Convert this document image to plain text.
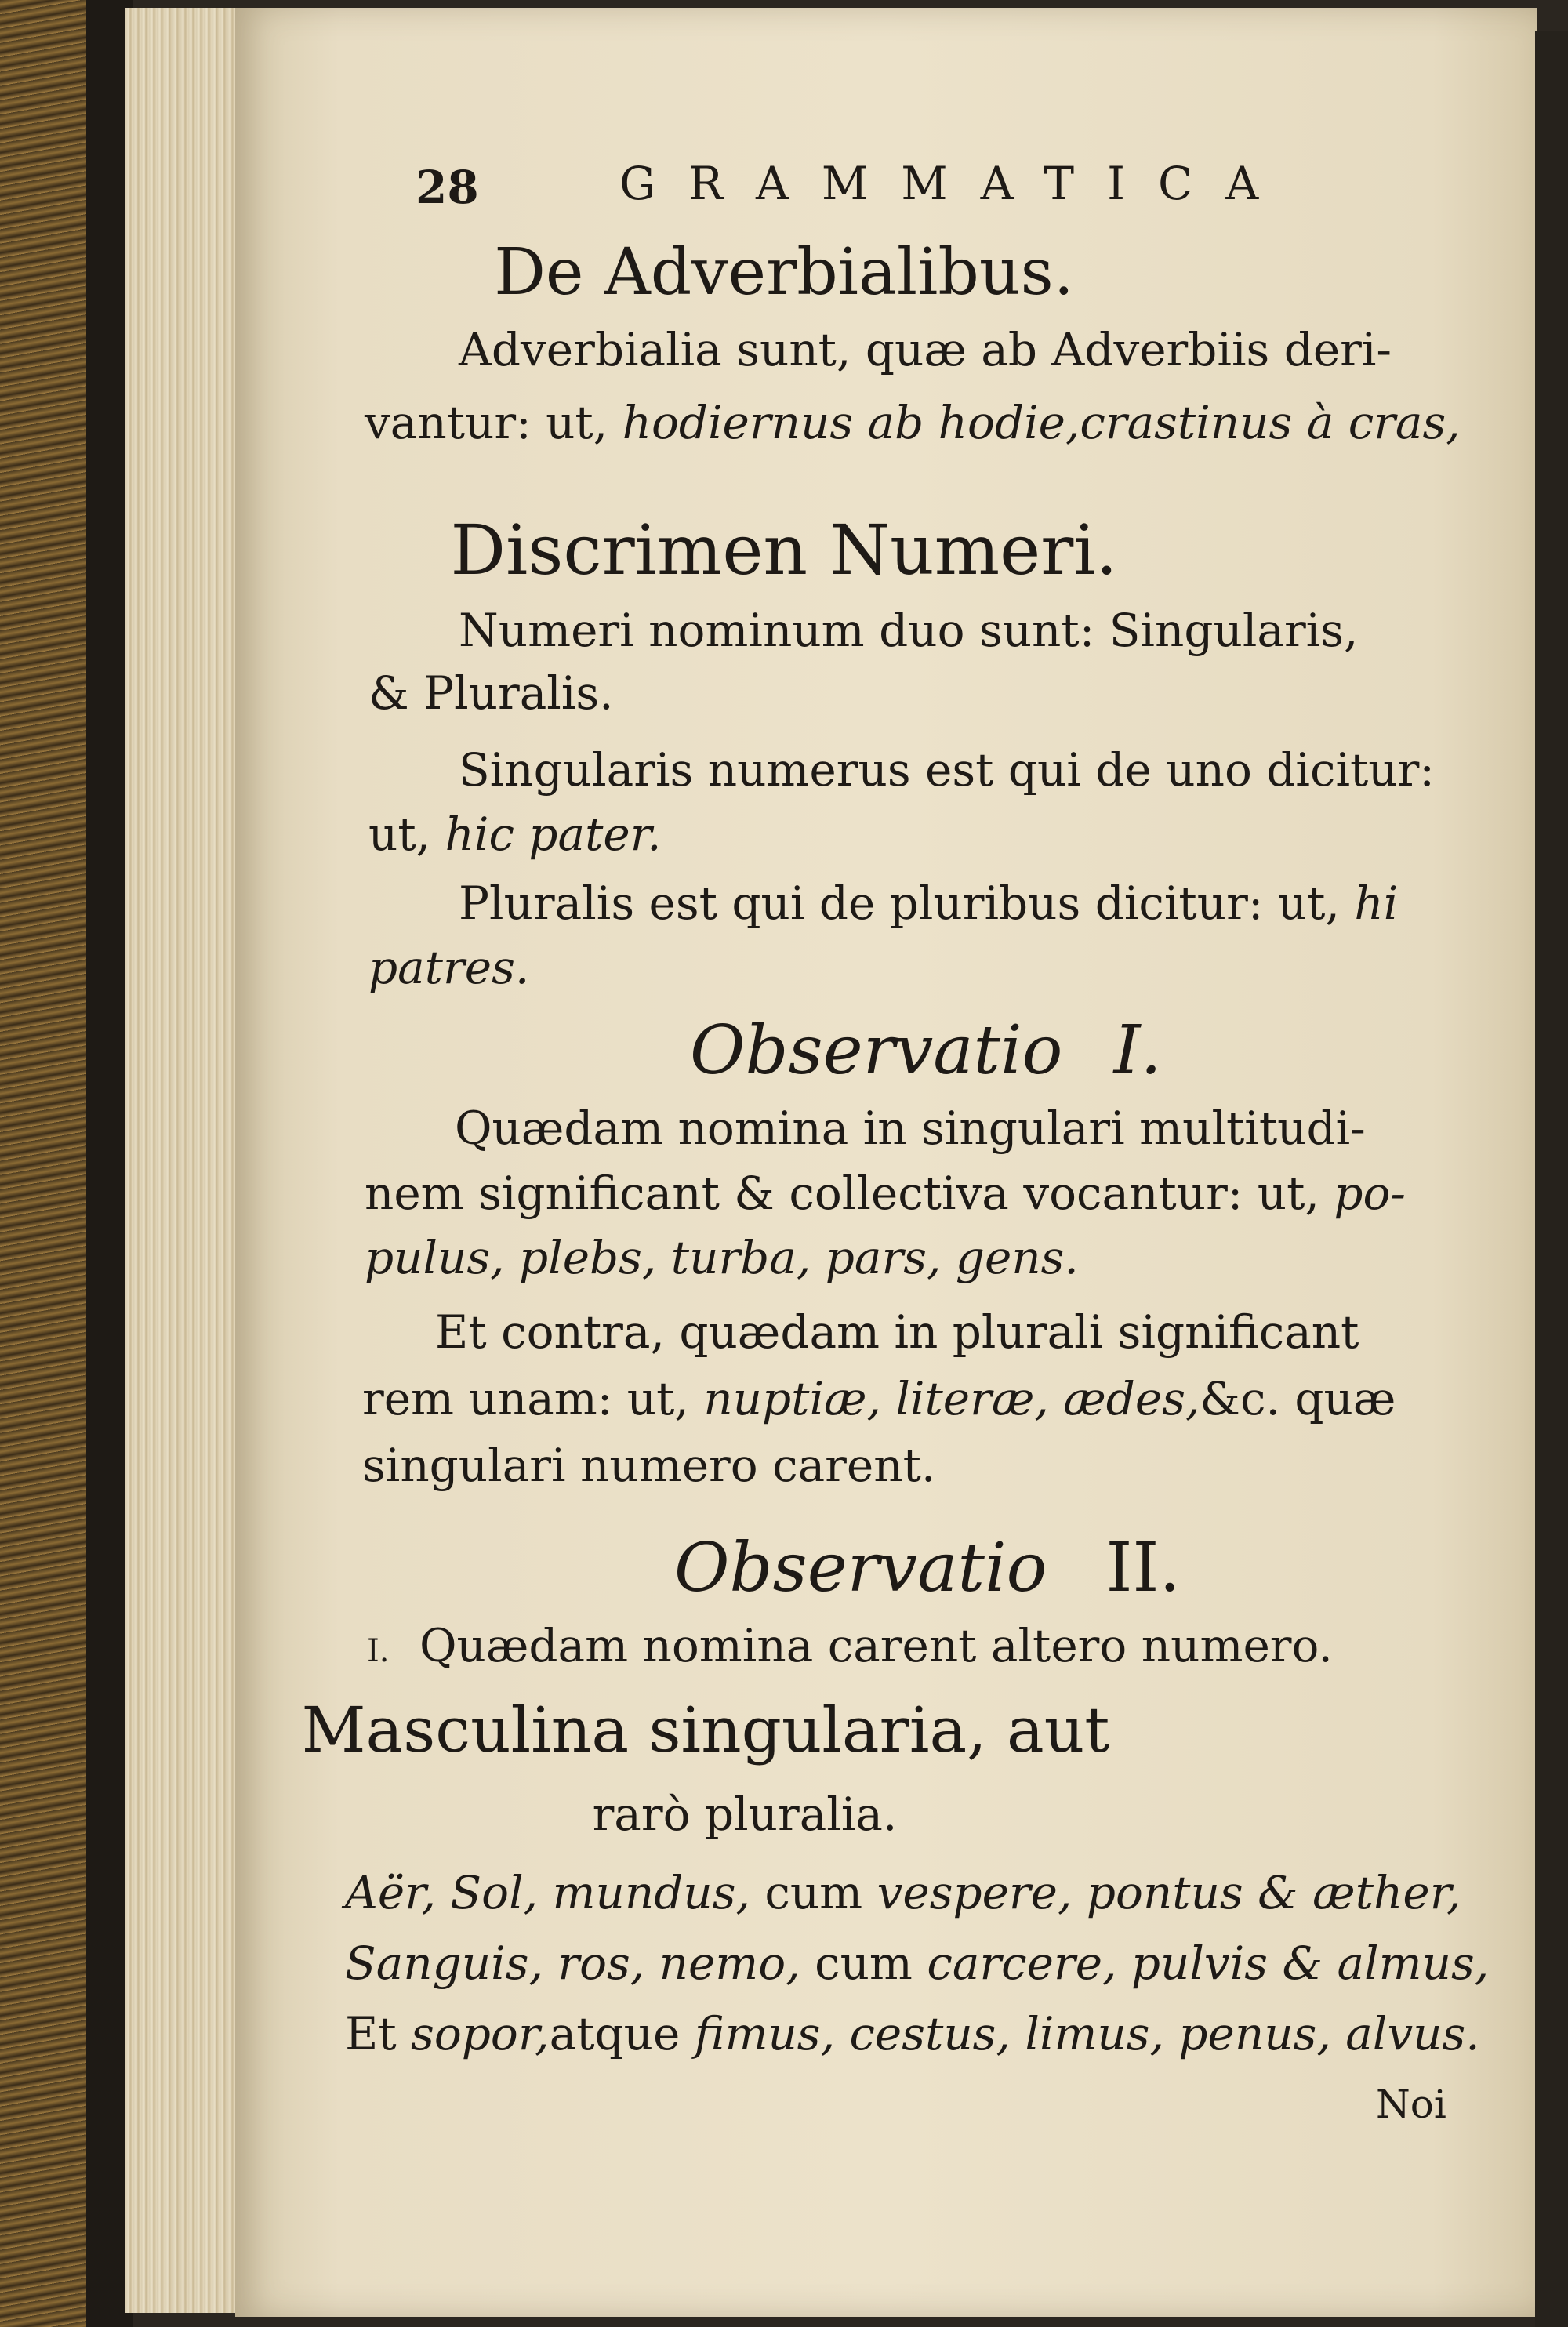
28	GRAMMATICA
De Adverbialibus.
Adverbialia sunt, quæ ab Adverbiis deri-
vantur: ut, hodiernus ab hodie,crastinus à cras,
Discrimen Numeri.
Numeri nominum duo sunt: Singularis,
& Pluralis.
Singularis numerus est qui de uno dicitur:
ut, hic pater.
Pluralis est qui de pluribus dicitur: ut, hi
patres.
Observatio I.
Quædam nomina in singulari multitudi-
nem significant & collectiva vocantur: ut, po-
pulus, plebs, turba, pars, gens.
Et contra, quædam in plurali significant
rem unam: ut, nuptiæ, literæ, ædes,&c. quæ
singulari numero carent.
Observatio II.
I. Quædam nomina carent altero numero.
Masculina singularia, aut
rarò pluralia.
Aër, Sol, mundus, cum vespere, pontus & æther,
Sanguis, ros, nemo, cum carcere, pulvis & almus,
Et sopor,atque fimus, cestus, limus, penus, alvus.
Noi
